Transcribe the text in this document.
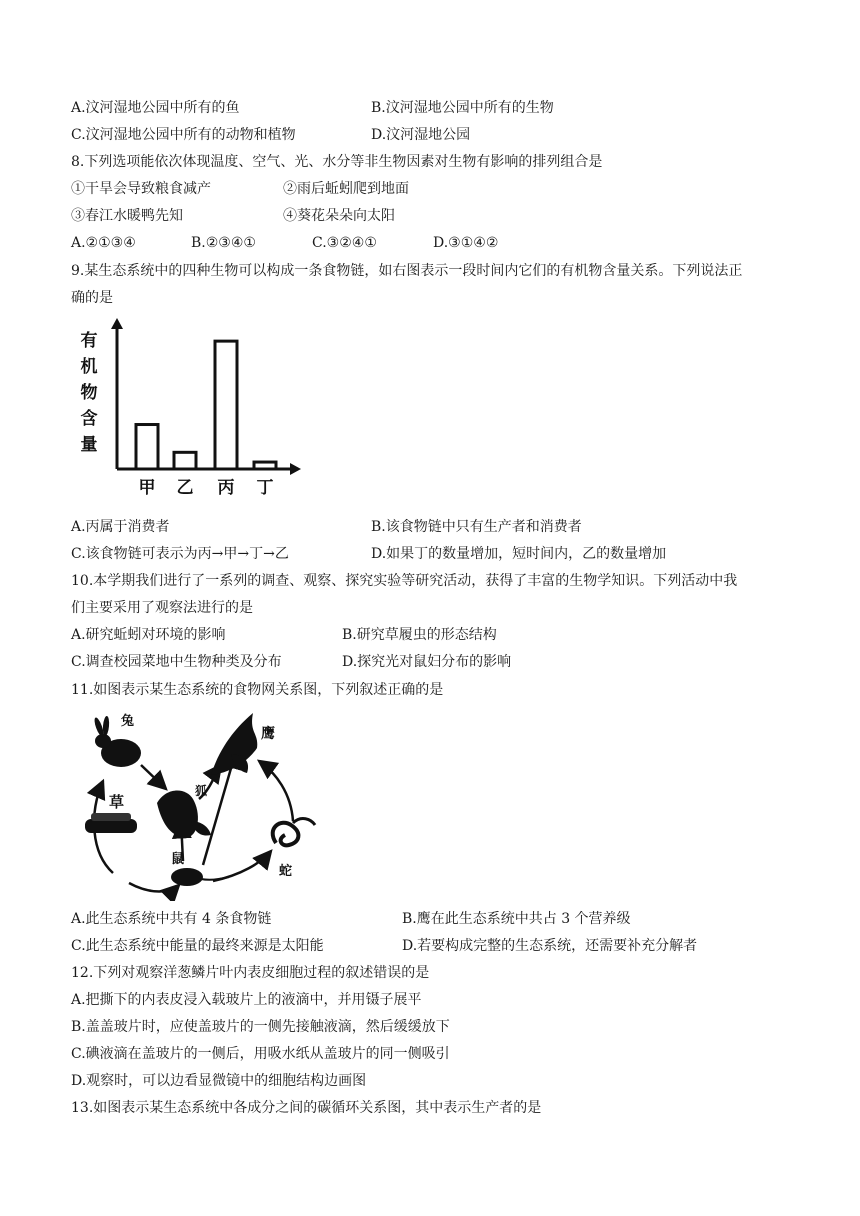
A.汶河湿地公园中所有的鱼	B.汶河湿地公园中所有的生物
C.汶河湿地公园中所有的动物和植物	D.汶河湿地公园
8.下列选项能依次体现温度、空气、光、水分等非生物因素对生物有影响的排列组合是
①干旱会导致粮食减产	②雨后蚯蚓爬到地面
③春江水暖鸭先知	④葵花朵朵向太阳
A.②①③④	B.②③④①	C.③②④①	D.③①④②
9.某生态系统中的四种生物可以构成一条食物链，如右图表示一段时间内它们的有机物含量关系。下列说法正
确的是
有
机
物
含
量
甲 乙 丙 丁
A.丙属于消费者	B.该食物链中只有生产者和消费者
C.该食物链可表示为丙→甲→丁→乙	D.如果丁的数量增加，短时间内，乙的数量增加
10.本学期我们进行了一系列的调查、观察、探究实验等研究活动，获得了丰富的生物学知识。下列活动中我
们主要采用了观察法进行的是
A.研究蚯蚓对环境的影响	B.研究草履虫的形态结构
C.调查校园菜地中生物种类及分布	D.探究光对鼠妇分布的影响
11.如图表示某生态系统的食物网关系图，下列叙述正确的是
兔
鹰
草
狐
鼠
蛇
A.此生态系统中共有 4 条食物链	B.鹰在此生态系统中共占 3 个营养级
C.此生态系统中能量的最终来源是太阳能	D.若要构成完整的生态系统，还需要补充分解者
12.下列对观察洋葱鳞片叶内表皮细胞过程的叙述错误的是
A.把撕下的内表皮浸入载玻片上的液滴中，并用镊子展平
B.盖盖玻片时，应使盖玻片的一侧先接触液滴，然后缓缓放下
C.碘液滴在盖玻片的一侧后，用吸水纸从盖玻片的同一侧吸引
D.观察时，可以边看显微镜中的细胞结构边画图
13.如图表示某生态系统中各成分之间的碳循环关系图，其中表示生产者的是
